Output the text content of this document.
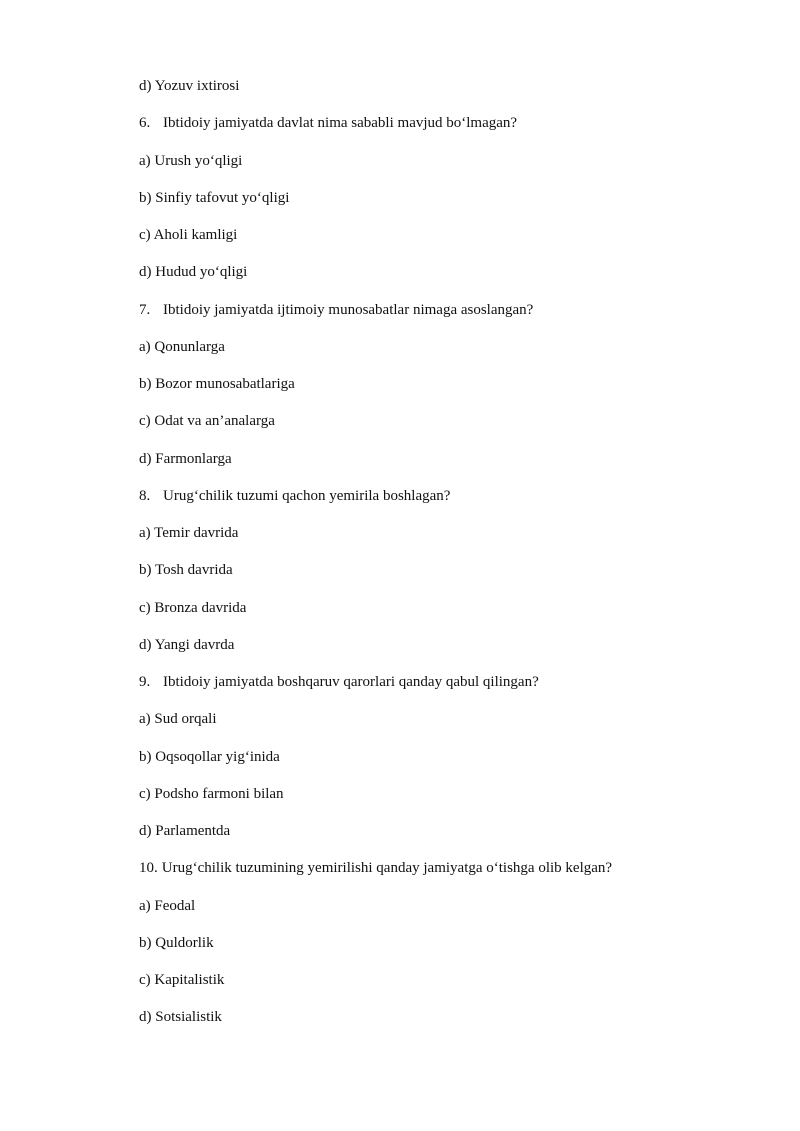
d) Yozuv ixtirosi
6. Ibtidoiy jamiyatda davlat nima sababli mavjud bo‘lmagan?
a) Urush yo‘qligi
b) Sinfiy tafovut yo‘qligi
c) Aholi kamligi
d) Hudud yo‘qligi
7. Ibtidoiy jamiyatda ijtimoiy munosabatlar nimaga asoslangan?
a) Qonunlarga
b) Bozor munosabatlariga
c) Odat va an’analarga
d) Farmonlarga
8. Urug‘chilik tuzumi qachon yemirila boshlagan?
a) Temir davrida
b) Tosh davrida
c) Bronza davrida
d) Yangi davrda
9. Ibtidoiy jamiyatda boshqaruv qarorlari qanday qabul qilingan?
a) Sud orqali
b) Oqsoqollar yig‘inida
c) Podsho farmoni bilan
d) Parlamentda
10. Urug‘chilik tuzumining yemirilishi qanday jamiyatga o‘tishga olib kelgan?
a) Feodal
b) Quldorlik
c) Kapitalistik
d) Sotsialistik
